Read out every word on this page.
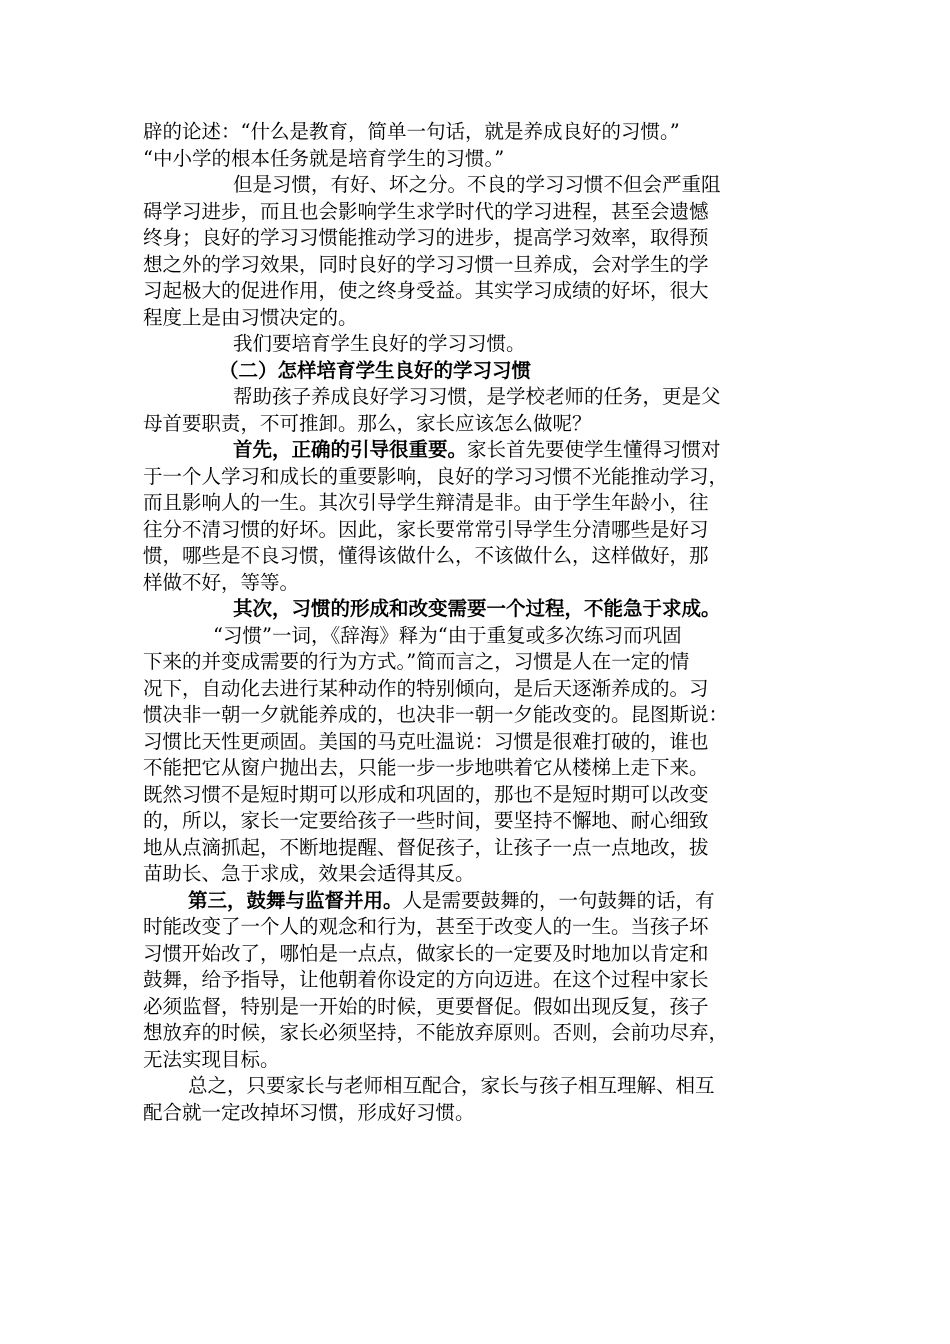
辟的论述：“什么是教育，简单一句话，就是养成良好的习惯。”
“中小学的根本任务就是培育学生的习惯。”
但是习惯，有好、坏之分。不良的学习习惯不但会严重阻
碍学习进步，而且也会影响学生求学时代的学习进程，甚至会遗憾
终身；良好的学习习惯能推动学习的进步，提高学习效率，取得预
想之外的学习效果，同时良好的学习习惯一旦养成，会对学生的学
习起极大的促进作用，使之终身受益。其实学习成绩的好坏，很大
程度上是由习惯决定的。
我们要培育学生良好的学习习惯。
（二）怎样培育学生良好的学习习惯
帮助孩子养成良好学习习惯，是学校老师的任务，更是父
母首要职责，不可推卸。那么，家长应该怎么做呢？
首先，正确的引导很重要。家长首先要使学生懂得习惯对
于一个人学习和成长的重要影响，良好的学习习惯不光能推动学习，
而且影响人的一生。其次引导学生辩清是非。由于学生年龄小，往
往分不清习惯的好坏。因此，家长要常常引导学生分清哪些是好习
惯，哪些是不良习惯，懂得该做什么，不该做什么，这样做好，那
样做不好，等等。
其次，习惯的形成和改变需要一个过程，不能急于求成。
“习惯”一词，《辞海》释为“由于重复或多次练习而巩固
下来的并变成需要的行为方式。”简而言之，习惯是人在一定的情
况下，自动化去进行某种动作的特别倾向，是后天逐渐养成的。习
惯决非一朝一夕就能养成的，也决非一朝一夕能改变的。昆图斯说：
习惯比天性更顽固。美国的马克吐温说：习惯是很难打破的，谁也
不能把它从窗户抛出去，只能一步一步地哄着它从楼梯上走下来。
既然习惯不是短时期可以形成和巩固的，那也不是短时期可以改变
的，所以，家长一定要给孩子一些时间，要坚持不懈地、耐心细致
地从点滴抓起，不断地提醒、督促孩子，让孩子一点一点地改，拔
苗助长、急于求成，效果会适得其反。
第三，鼓舞与监督并用。人是需要鼓舞的，一句鼓舞的话，有
时能改变了一个人的观念和行为，甚至于改变人的一生。当孩子坏
习惯开始改了，哪怕是一点点，做家长的一定要及时地加以肯定和
鼓舞，给予指导，让他朝着你设定的方向迈进。在这个过程中家长
必须监督，特别是一开始的时候，更要督促。假如出现反复，孩子
想放弃的时候，家长必须坚持，不能放弃原则。否则，会前功尽弃，
无法实现目标。
总之，只要家长与老师相互配合，家长与孩子相互理解、相互
配合就一定改掉坏习惯，形成好习惯。
